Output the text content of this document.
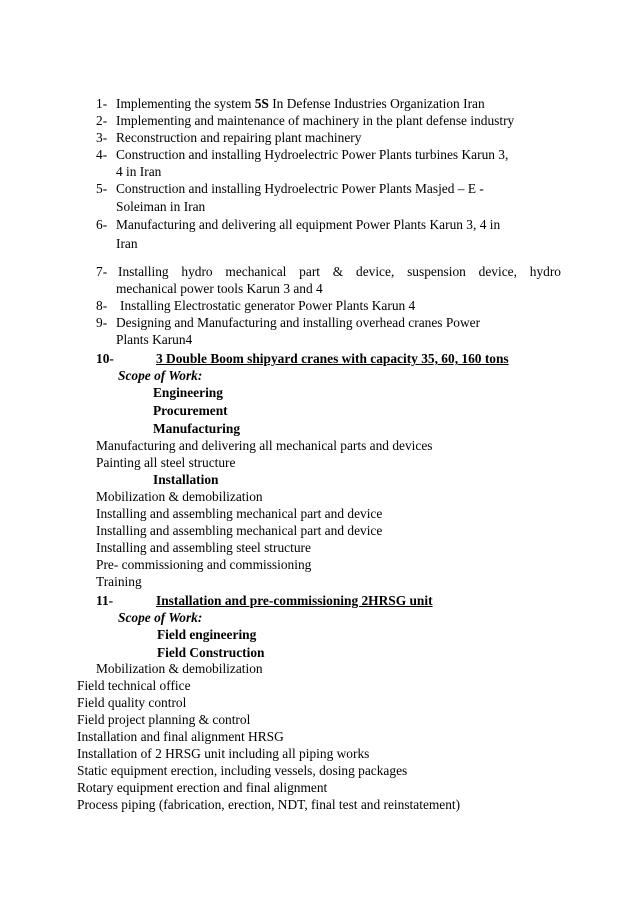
1- Implementing the system 5S In Defense Industries Organization Iran
2- Implementing and maintenance of machinery in the plant defense industry
3- Reconstruction and repairing plant machinery
4- Construction and installing Hydroelectric Power Plants turbines Karun 3,
4 in Iran
5- Construction and installing Hydroelectric Power Plants Masjed – E -
Soleiman in Iran
6- Manufacturing and delivering all equipment Power Plants Karun 3, 4 in
Iran
7- Installing hydro mechanical part & device, suspension device, hydro
mechanical power tools Karun 3 and 4
8- Installing Electrostatic generator Power Plants Karun 4
9- Designing and Manufacturing and installing overhead cranes Power
Plants Karun4
10-	3 Double Boom shipyard cranes with capacity 35, 60, 160 tons
Scope of Work:
Engineering
Procurement
Manufacturing
Manufacturing and delivering all mechanical parts and devices
Painting all steel structure
Installation
Mobilization & demobilization
Installing and assembling mechanical part and device
Installing and assembling mechanical part and device
Installing and assembling steel structure
Pre- commissioning and commissioning
Training
11-	Installation and pre-commissioning 2HRSG unit
Scope of Work:
Field engineering
Field Construction
Mobilization & demobilization
Field technical office
Field quality control
Field project planning & control
Installation and final alignment HRSG
Installation of 2 HRSG unit including all piping works
Static equipment erection, including vessels, dosing packages
Rotary equipment erection and final alignment
Process piping (fabrication, erection, NDT, final test and reinstatement)
